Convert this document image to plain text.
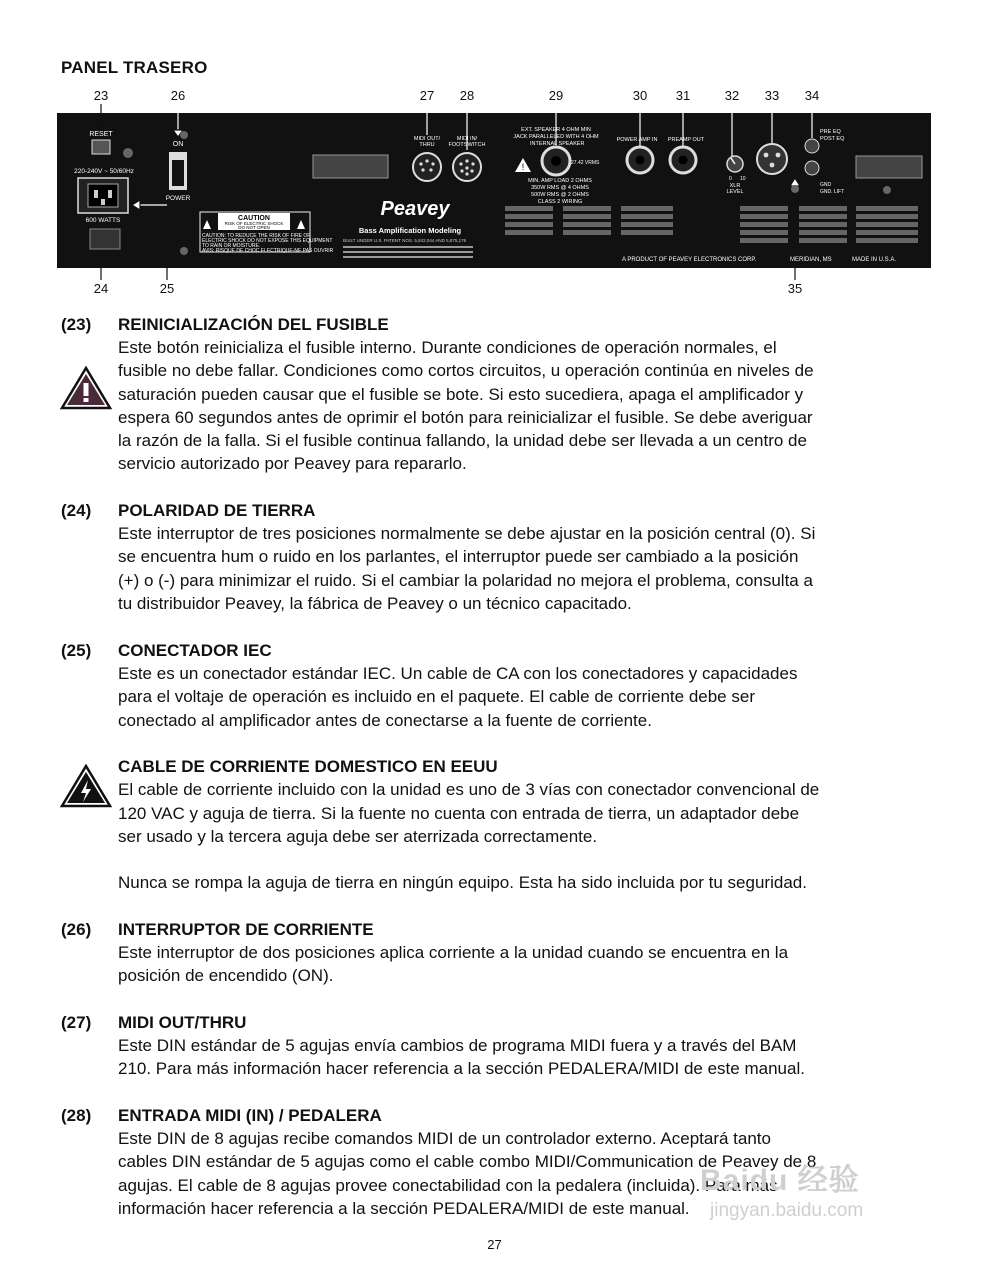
PANEL TRASERO
23	26	27 28	29	30 31	32 33 34
24	25	35
RESET
220-240V ~ 50/60Hz
600 WATTS
ON
POWER
CAUTION
RISK OF ELECTRIC SHOCK
DO NOT OPEN
CAUTION: TO REDUCE THE RISK OF FIRE OR
ELECTRIC SHOCK DO NOT EXPOSE THIS EQUIPMENT
TO RAIN OR MOISTURE.
AVIS: RISQUE DE CHOC ELECTRIQUE-NE PAS OUVRIR
MIDI OUT/
THRU
MIDI IN/
FOOTSWITCH
Peavey
Bass Amplification Modeling
BUILT UNDER U.S. PATENT NOS. 5,842,044 AND 5,875,176
EXT. SPEAKER 4 OHM MIN
JACK PARALLELED WITH 4 OHM
INTERNAL SPEAKER
!	27.42 VRMS
MIN. AMP LOAD 2 OHMS
350W RMS @ 4 OHMS
500W RMS @ 2 OHMS
CLASS 2 WIRING
POWER AMP IN PREAMP OUT
0 10
XLR
LEVEL
PRE EQ
POST EQ
GND
GND. LIFT
A PRODUCT OF PEAVEY ELECTRONICS CORP.	MERIDIAN, MS	MADE IN U.S.A.
(23) REINICIALIZACIÓN DEL FUSIBLE
Este botón reinicializa el fusible interno. Durante condiciones de operación normales, el
fusible no debe fallar. Condiciones como cortos circuitos, u operación continúa en niveles de
saturación pueden causar que el fusible se bote. Si esto sucediera, apaga el amplificador y
espera 60 segundos antes de oprimir el botón para reinicializar el fusible. Se debe averiguar
la razón de la falla. Si el fusible continua fallando, la unidad debe ser llevada a un centro de
servicio autorizado por Peavey para repararlo.
(24) POLARIDAD DE TIERRA
Este interruptor de tres posiciones normalmente se debe ajustar en la posición central (0). Si
se encuentra hum o ruido en los parlantes, el interruptor puede ser cambiado a la posición
(+) o (-) para minimizar el ruido. Si el cambiar la polaridad no mejora el problema, consulta a
tu distribuidor Peavey, la fábrica de Peavey o un técnico capacitado.
(25) CONECTADOR IEC
Este es un conectador estándar IEC. Un cable de CA con los conectadores y capacidades
para el voltaje de operación es incluido en el paquete. El cable de corriente debe ser
conectado al amplificador antes de conectarse a la fuente de corriente.
CABLE DE CORRIENTE DOMESTICO EN EEUU
El cable de corriente incluido con la unidad es uno de 3 vías con conectador convencional de
120 VAC y aguja de tierra. Si la fuente no cuenta con entrada de tierra, un adaptador debe
ser usado y la tercera aguja debe ser aterrizada correctamente.
Nunca se rompa la aguja de tierra en ningún equipo. Esta ha sido incluida por tu seguridad.
(26) INTERRUPTOR DE CORRIENTE
Este interruptor de dos posiciones aplica corriente a la unidad cuando se encuentra en la
posición de encendido (ON).
(27) MIDI OUT/THRU
Este DIN estándar de 5 agujas envía cambios de programa MIDI fuera y a través del BAM
210. Para más información hacer referencia a la sección PEDALERA/MIDI de este manual.
(28) ENTRADA MIDI (IN) / PEDALERA
Este DIN de 8 agujas recibe comandos MIDI de un controlador externo. Aceptará tanto
cables DIN estándar de 5 agujas como el cable combo MIDI/Communication de Peavey de 8
agujas. El cable de 8 agujas provee conectabilidad con la pedalera (incluida). Para más
información hacer referencia a la sección PEDALERA/MIDI de este manual.
Baidu 经验
jingyan.baidu.com
27
